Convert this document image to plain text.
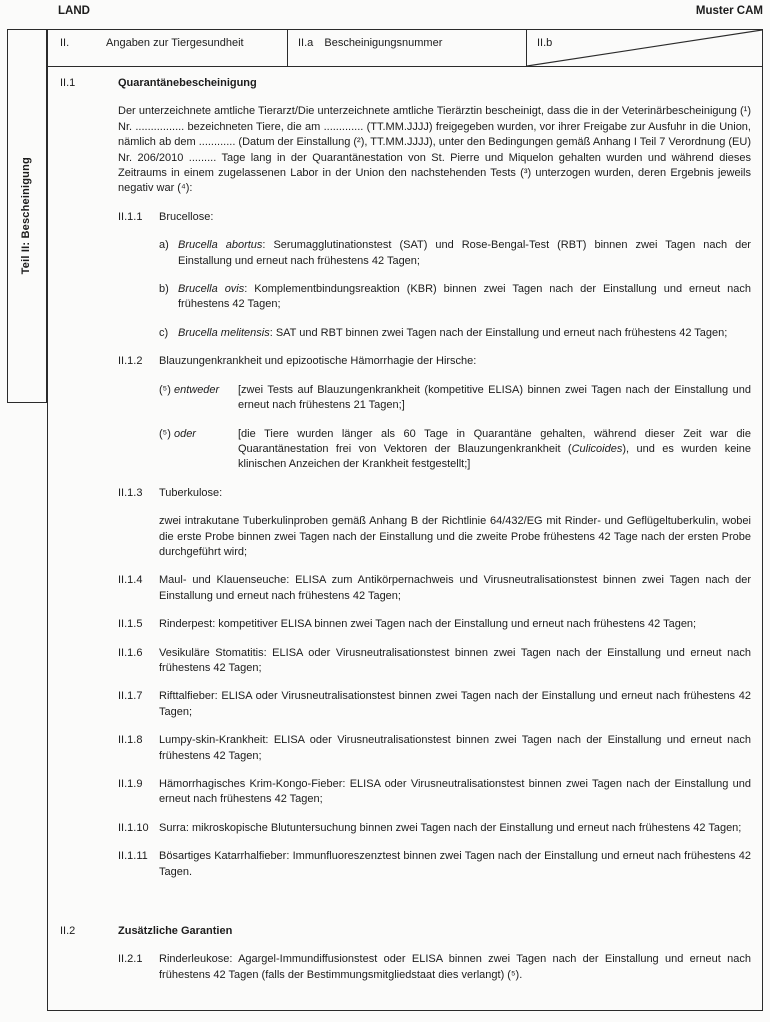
LAND	Muster CAM
Teil II: Bescheinigung
II.	Angaben zur Tiergesundheit	II.a Bescheinigungsnummer	II.b
II.1	Quarantänebescheinigung

Der unterzeichnete amtliche Tierarzt/Die unterzeichnete amtliche Tierärztin bescheinigt, dass die in der Veterinärbescheinigung (¹) Nr. ................ bezeichneten Tiere, die am ............. (TT.MM.JJJJ) freigegeben wurden, vor ihrer Freigabe zur Ausfuhr in die Union, nämlich ab dem ............ (Datum der Einstallung (²), TT.MM.JJJJ), unter den Bedingungen gemäß Anhang I Teil 7 Verordnung (EU) Nr. 206/2010 ......... Tage lang in der Quarantänestation von St. Pierre und Miquelon gehalten wurden und während dieses Zeitraums in einem zugelassenen Labor in der Union den nachstehenden Tests (³) unterzogen wurden, deren Ergebnis jeweils negativ war (⁴):

II.1.1	Brucellose:
a) Brucella abortus: Serumagglutinationstest (SAT) und Rose-Bengal-Test (RBT) binnen zwei Tagen nach der Einstallung und erneut nach frühestens 42 Tagen;
b) Brucella ovis: Komplementbindungsreaktion (KBR) binnen zwei Tagen nach der Einstallung und erneut nach frühestens 42 Tagen;
c) Brucella melitensis: SAT und RBT binnen zwei Tagen nach der Einstallung und erneut nach frühestens 42 Tagen;
II.1.2	Blauzungenkrankheit und epizootische Hämorrhagie der Hirsche:
(⁵) entweder	[zwei Tests auf Blauzungenkrankheit (kompetitive ELISA) binnen zwei Tagen nach der Einstallung und erneut nach frühestens 21 Tagen;]
(⁵) oder	[die Tiere wurden länger als 60 Tage in Quarantäne gehalten, während dieser Zeit war die Quarantänestation frei von Vektoren der Blauzungenkrankheit (Culicoides), und es wurden keine klinischen Anzeichen der Krankheit festgestellt;]
II.1.3	Tuberkulose:

zwei intrakutane Tuberkulinproben gemäß Anhang B der Richtlinie 64/432/EG mit Rinder- und Geflügeltuberkulin, wobei die erste Probe binnen zwei Tagen nach der Einstallung und die zweite Probe frühestens 42 Tage nach der ersten Probe durchgeführt wird;

II.1.4	Maul- und Klauenseuche: ELISA zum Antikörpernachweis und Virusneutralisationstest binnen zwei Tagen nach der Einstallung und erneut nach frühestens 42 Tagen;
II.1.5	Rinderpest: kompetitiver ELISA binnen zwei Tagen nach der Einstallung und erneut nach frühestens 42 Tagen;
II.1.6	Vesikuläre Stomatitis: ELISA oder Virusneutralisationstest binnen zwei Tagen nach der Einstallung und erneut nach frühestens 42 Tagen;
II.1.7	Rifttalfieber: ELISA oder Virusneutralisationstest binnen zwei Tagen nach der Einstallung und erneut nach frühestens 42 Tagen;
II.1.8	Lumpy-skin-Krankheit: ELISA oder Virusneutralisationstest binnen zwei Tagen nach der Einstallung und erneut nach frühestens 42 Tagen;
II.1.9	Hämorrhagisches Krim-Kongo-Fieber: ELISA oder Virusneutralisationstest binnen zwei Tagen nach der Einstallung und erneut nach frühestens 42 Tagen;
II.1.10 Surra: mikroskopische Blutuntersuchung binnen zwei Tagen nach der Einstallung und erneut nach frühestens 42 Tagen;
II.1.11	Bösartiges Katarrhalfieber: Immunfluoreszenztest binnen zwei Tagen nach der Einstallung und erneut nach frühestens 42 Tagen.
II.2	Zusätzliche Garantien
II.2.1	Rinderleukose: Agargel-Immundiffusionstest oder ELISA binnen zwei Tagen nach der Einstallung und erneut nach frühestens 42 Tagen (falls der Bestimmungsmitgliedstaat dies verlangt) (⁵).
